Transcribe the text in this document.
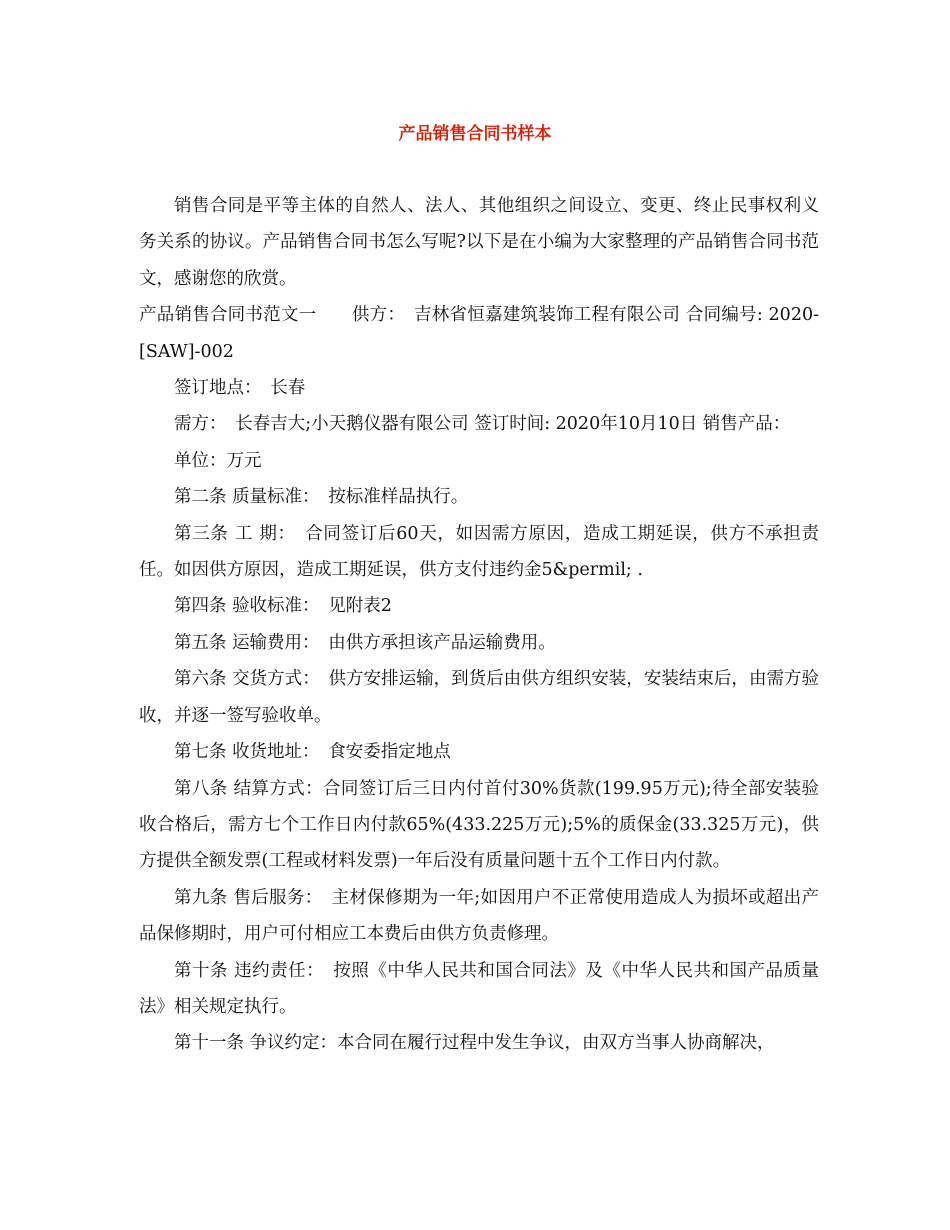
产品销售合同书样本

销售合同是平等主体的自然人、法人、其他组织之间设立、变更、终止民事权利义务关系的协议。产品销售合同书怎么写呢?以下是在小编为大家整理的产品销售合同书范文，感谢您的欣赏。

产品销售合同书范文一　　供方：　吉林省恒嘉建筑装饰工程有限公司 合同编号: 2020-[SAW]-002

签订地点：　长春

需方：　长春吉大;小天鹅仪器有限公司 签订时间: 2020年10月10日 销售产品：

单位：万元

第二条 质量标准：　按标准样品执行。

第三条 工 期：　合同签订后60天，如因需方原因，造成工期延误，供方不承担责任。如因供方原因，造成工期延误，供方支付违约金5&permil; .

第四条 验收标准：　见附表2

第五条 运输费用：　由供方承担该产品运输费用。

第六条 交货方式：　供方安排运输，到货后由供方组织安装，安装结束后，由需方验收，并逐一签写验收单。

第七条 收货地址：　食安委指定地点

第八条 结算方式：合同签订后三日内付首付30%货款(199.95万元);待全部安装验收合格后，需方七个工作日内付款65%(433.225万元);5%的质保金(33.325万元)，供方提供全额发票(工程或材料发票)一年后没有质量问题十五个工作日内付款。

第九条 售后服务：　主材保修期为一年;如因用户不正常使用造成人为损坏或超出产品保修期时，用户可付相应工本费后由供方负责修理。

第十条 违约责任：　按照《中华人民共和国合同法》及《中华人民共和国产品质量法》相关规定执行。

第十一条 争议约定：本合同在履行过程中发生争议，由双方当事人协商解决，
